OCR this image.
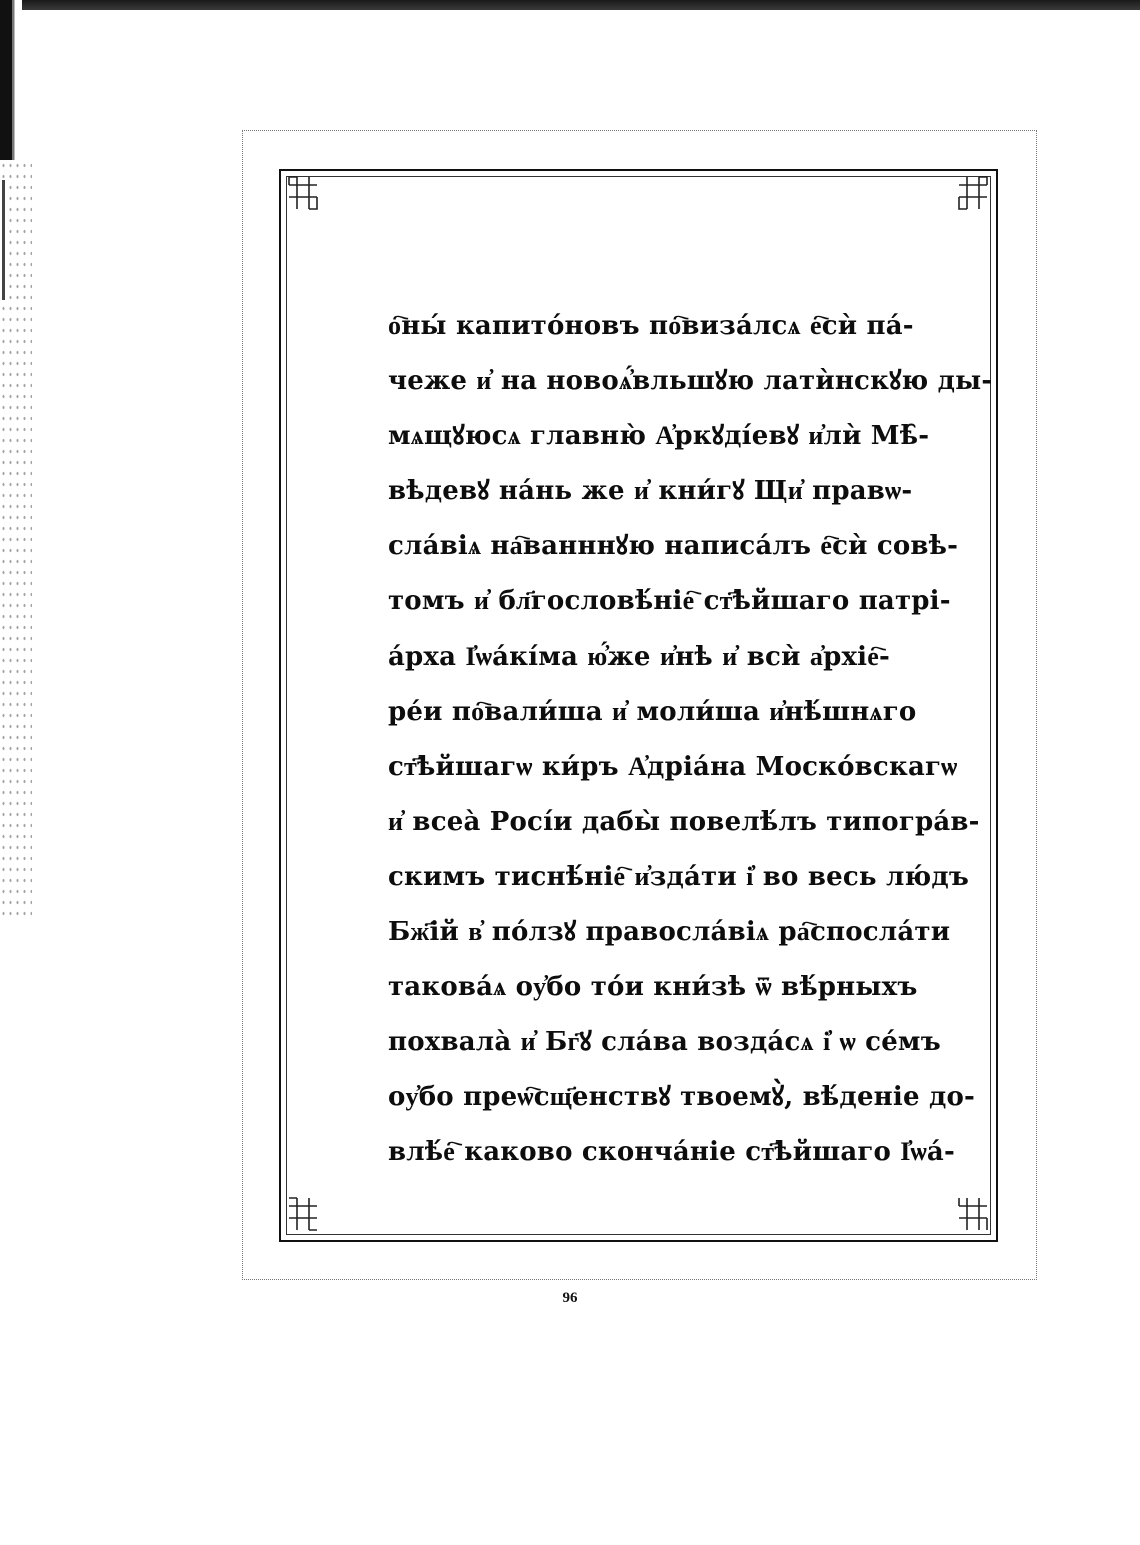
о҇ны́ капито́новъ по҇виза́лсѧ е҇сѝ па́-
чеже и҆ на новоѧ҆́вльшꙋю латѝнскꙋю ды-
мѧщꙋюсѧ главню̀ А҆ркꙋді́евꙋ и҆лѝ Мѣ̑-
вѣдевꙋ на́нь же и҆ кни́гꙋ Щи҆ правѡ-
сла́віѧ на҇ванннꙋю написа́лъ е҇сѝ совѣ-
томъ и҆ бл҃гословѣ́ніе҇ ст҃ѣйшаго патрі-
а́рха І҆ѡа́кі́ма ю҆́же и҆нѣ и҆ всѝ а҆рхіе҇-
ре́и по҇вали́ша и҆ моли́ша и҆нѣ́шнѧго
ст҃ѣйшагѡ ки́ръ А҆дріа́на Моско́вскагѡ
и҆ всеа̀ Росі́и дабы̀ повелѣ́лъ типогра́в-
скимъ тиснѣ́ніе҇ и҆зда́ти і҆ во весь лю́дъ
Бж҃ій в҆ по́лзꙋ правосла́віѧ ра҇спосла́ти
такова́ѧ оу҆бо то́и кни́зѣ ѿ вѣ́рныхъ
похвала̀ и҆ Бг҃ꙋ сла́ва возда́сѧ і҆ ѡ се́мъ
оу҆бо преѡ҇сщ҃енствꙋ твоемꙋ̀, вѣ́деніе до-
влѣ́е҇ каково сконча́ніе ст҃ѣйшаго І҆ѡа́-
96
